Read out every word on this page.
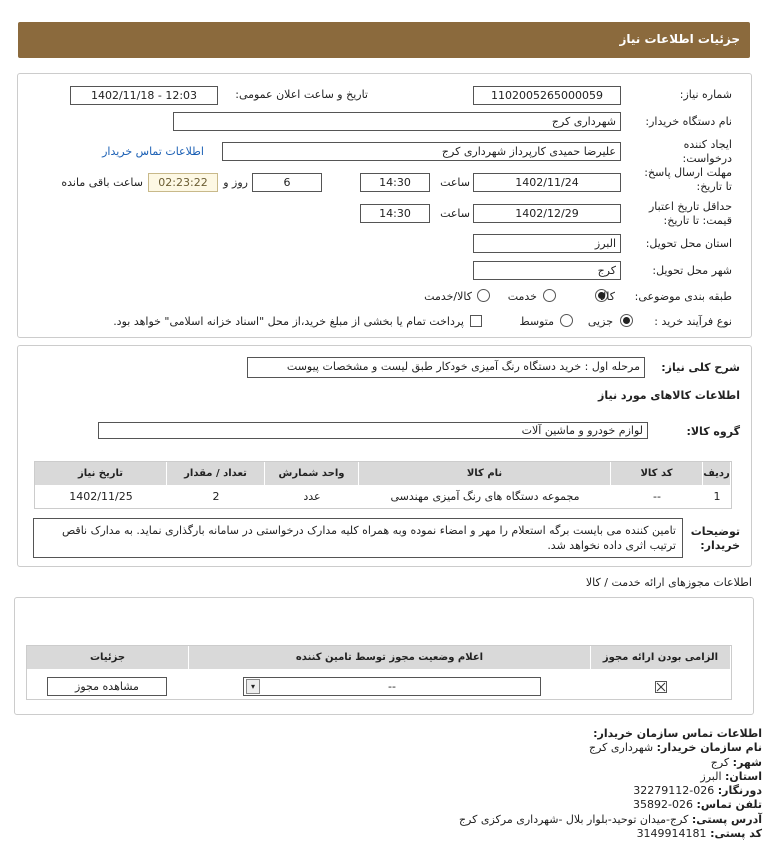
جزئیات اطلاعات نیاز
شماره نیاز:
1102005265000059
تاریخ و ساعت اعلان عمومی:
1402/11/18 - 12:03
نام دستگاه خریدار:
شهرداری کرج
ایجاد کننده درخواست:
علیرضا حمیدی کارپرداز شهرداری کرج
اطلاعات تماس خریدار
مهلت ارسال پاسخ: تا تاریخ:
1402/11/24
ساعت
14:30
6
روز و
02:23:22
ساعت باقی مانده
حداقل تاریخ اعتبار قیمت: تا تاریخ:
1402/12/29
ساعت
14:30
استان محل تحویل:
البرز
شهر محل تحویل:
کرج
طبقه بندی موضوعی:
کالا
خدمت
کالا/خدمت
نوع فرآیند خرید :
جزیی
متوسط
پرداخت تمام یا بخشی از مبلغ خرید،از محل "اسناد خزانه اسلامی" خواهد بود.
شرح کلی نیاز:
مرحله اول : خرید دستگاه رنگ آمیزی خودکار طبق لیست و مشخصات پیوست
اطلاعات کالاهای مورد نیاز
گروه کالا:
لوازم خودرو و ماشین آلات
ردیف
کد کالا
نام کالا
واحد شمارش
تعداد / مقدار
تاریخ نیاز
1
--
مجموعه دستگاه های رنگ آمیزی مهندسی
عدد
2
1402/11/25
توضیحات خریدار:
تامین کننده می بایست برگه استعلام را مهر و امضاء نموده وبه همراه کلیه مدارک درخواستی در سامانه بارگذاری نماید. به مدارک ناقص ترتیب اثری داده نخواهد شد.
اطلاعات مجوزهای ارائه خدمت / کالا
الزامی بودن ارائه مجوز
اعلام وضعیت مجوز توسط تامین کننده
جزئیات
--
▾
مشاهده مجوز
اطلاعات تماس سازمان خریدار:
نام سازمان خریدار: شهرداری کرج
شهر: کرج
استان: البرز
دورنگار: 026-32279112
تلفن تماس: 026-35892
آدرس پستی: کرج-میدان توحید-بلوار بلال -شهرداری مرکزی کرج
کد پستی: 3149914181
